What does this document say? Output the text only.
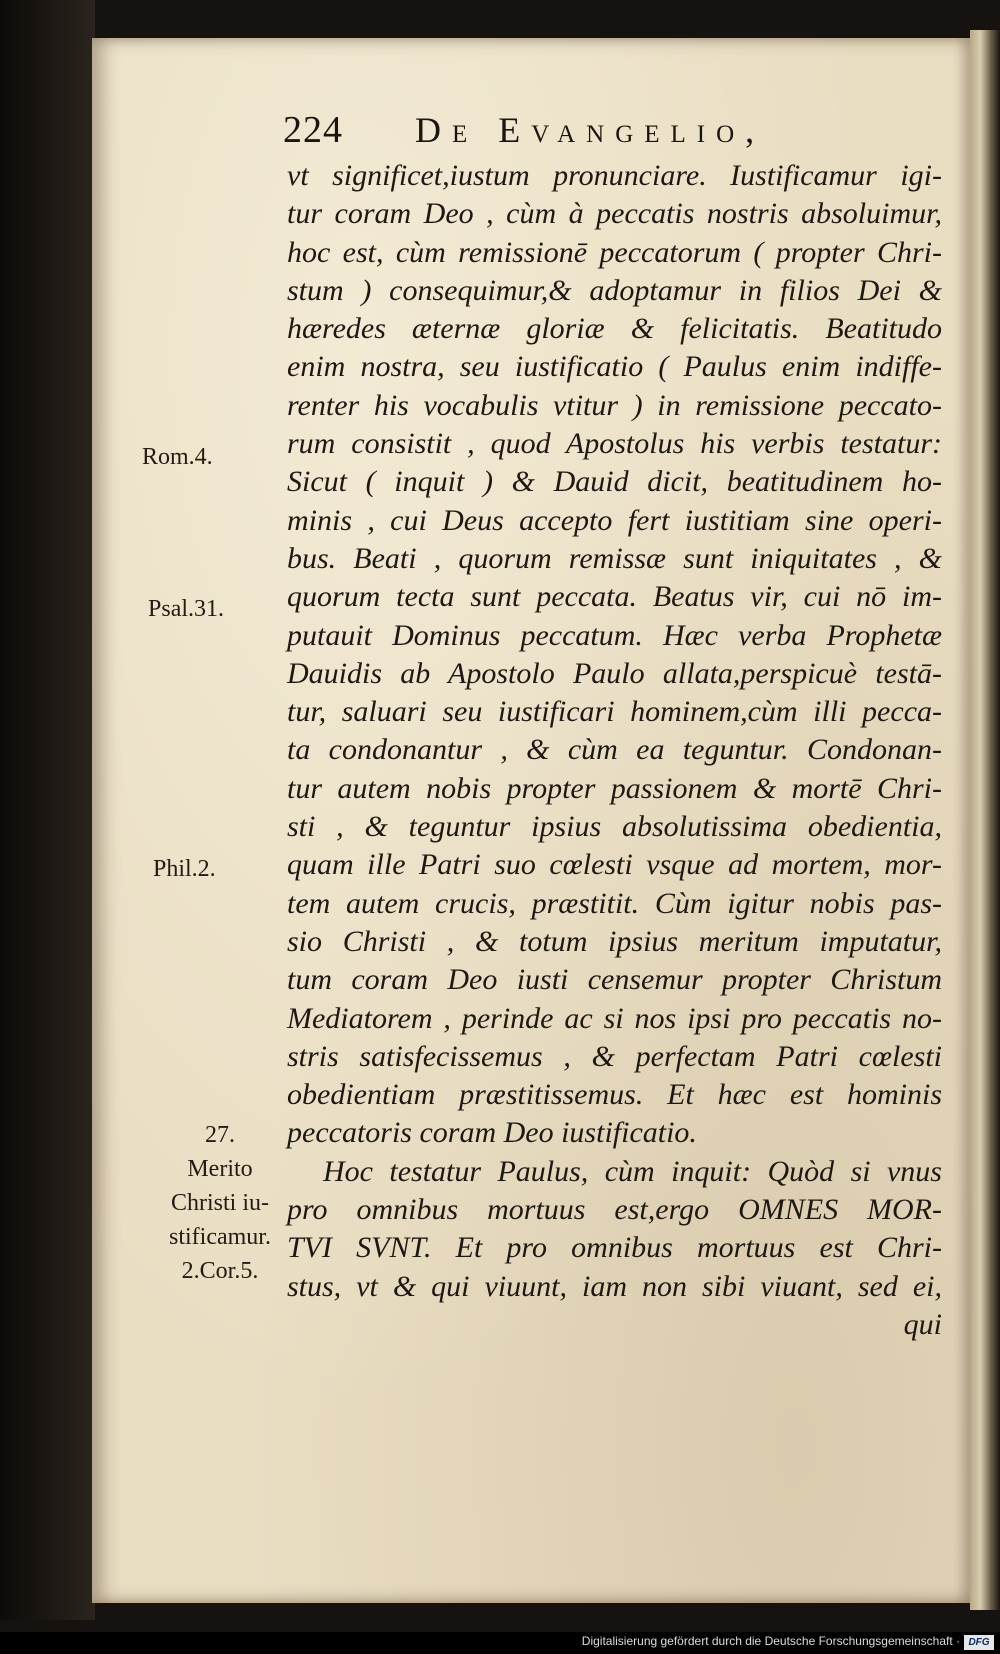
224 De Evangelio,
vt significet,iustum pronunciare. Iustificamur igi-
tur coram Deo , cùm à peccatis nostris absoluimur,
hoc est, cùm remissionē peccatorum ( propter Chri-
stum ) consequimur,& adoptamur in filios Dei &
hæredes æternæ gloriæ & felicitatis. Beatitudo
enim nostra, seu iustificatio ( Paulus enim indiffe-
renter his vocabulis vtitur ) in remissione peccato-
rum consistit , quod Apostolus his verbis testatur:
Sicut ( inquit ) & Dauid dicit, beatitudinem ho-
minis , cui Deus accepto fert iustitiam sine operi-
bus. Beati , quorum remissæ sunt iniquitates , &
quorum tecta sunt peccata. Beatus vir, cui nō im-
putauit Dominus peccatum. Hæc verba Prophetæ
Dauidis ab Apostolo Paulo allata,perspicuè testā-
tur, saluari seu iustificari hominem,cùm illi pecca-
ta condonantur , & cùm ea teguntur. Condonan-
tur autem nobis propter passionem & mortē Chri-
sti , & teguntur ipsius absolutissima obedientia,
quam ille Patri suo cœlesti vsque ad mortem, mor-
tem autem crucis, præstitit. Cùm igitur nobis pas-
sio Christi , & totum ipsius meritum imputatur,
tum coram Deo iusti censemur propter Christum
Mediatorem , perinde ac si nos ipsi pro peccatis no-
stris satisfecissemus , & perfectam Patri cœlesti
obedientiam præstitissemus. Et hæc est hominis
peccatoris coram Deo iustificatio.
Hoc testatur Paulus, cùm inquit: Quòd si vnus
pro omnibus mortuus est,ergo OMNES MOR-
TVI SVNT. Et pro omnibus mortuus est Chri-
stus, vt & qui viuunt, iam non sibi viuant, sed ei,
qui
Rom.4.
Psal.31.
Phil.2.
27.
Merito
Christi iu-
stificamur.
2.Cor.5.
Digitalisierung gefördert durch die Deutsche Forschungsgemeinschaft · DFG
